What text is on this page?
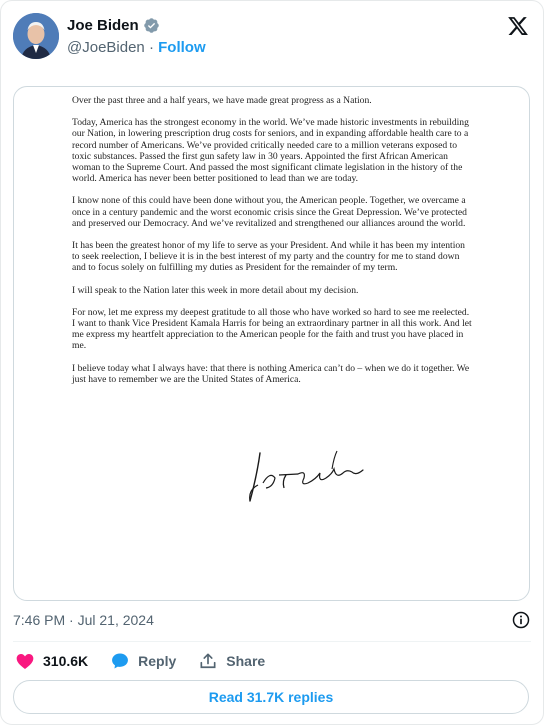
Joe Biden
@JoeBiden · Follow

Over the past three and a half years, we have made great progress as a Nation.

Today, America has the strongest economy in the world. We’ve made historic investments in rebuilding our Nation, in lowering prescription drug costs for seniors, and in expanding affordable health care to a record number of Americans. We’ve provided critically needed care to a million veterans exposed to toxic substances. Passed the first gun safety law in 30 years. Appointed the first African American woman to the Supreme Court. And passed the most significant climate legislation in the history of the world. America has never been better positioned to lead than we are today.

I know none of this could have been done without you, the American people. Together, we overcame a once in a century pandemic and the worst economic crisis since the Great Depression. We’ve protected and preserved our Democracy. And we’ve revitalized and strengthened our alliances around the world.

It has been the greatest honor of my life to serve as your President. And while it has been my intention to seek reelection, I believe it is in the best interest of my party and the country for me to stand down and to focus solely on fulfilling my duties as President for the remainder of my term.

I will speak to the Nation later this week in more detail about my decision.

For now, let me express my deepest gratitude to all those who have worked so hard to see me reelected. I want to thank Vice President Kamala Harris for being an extraordinary partner in all this work. And let me express my heartfelt appreciation to the American people for the faith and trust you have placed in me.

I believe today what I always have: that there is nothing America can’t do – when we do it together. We just have to remember we are the United States of America.

7:46 PM · Jul 21, 2024
310.6K	Reply	Share
Read 31.7K replies
